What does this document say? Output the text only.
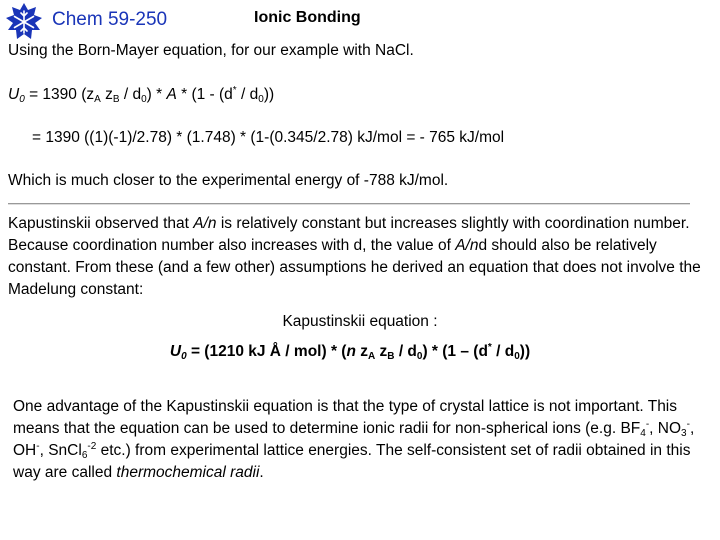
Chem 59-250	Ionic Bonding
Using the Born-Mayer equation, for our example with NaCl.
$U_0 = 1390$ ($z_A$ $z_B / d_0$) * A * $(1 - (d^* / d_0))$
= 1390 ((1)(-1)/2.78) * (1.748) * (1-(0.345/2.78) kJ/mol = - 765 kJ/mol
Which is much closer to the experimental energy of -788 kJ/mol.
Kapustinskii observed that A/n is relatively constant but increases slightly with coordination number. Because coordination number also increases with d, the value of A/nd should also be relatively constant. From these (and a few other) assumptions he derived an equation that does not involve the Madelung constant:
Kapustinskii equation :
$U_0 = (1210$ kJ Å / mol) * (n $z_A$ $z_B / d_0) * (1 - (d^* / d_0))$
One advantage of the Kapustinskii equation is that the type of crystal lattice is not important. This means that the equation can be used to determine ionic radii for non-spherical ions (e.g. $BF_4^-$, $NO_3^-$, OH-, SnCl$_6^{-2}$ etc.) from experimental lattice energies. The self-consistent set of radii obtained in this way are called thermochemical radii.
